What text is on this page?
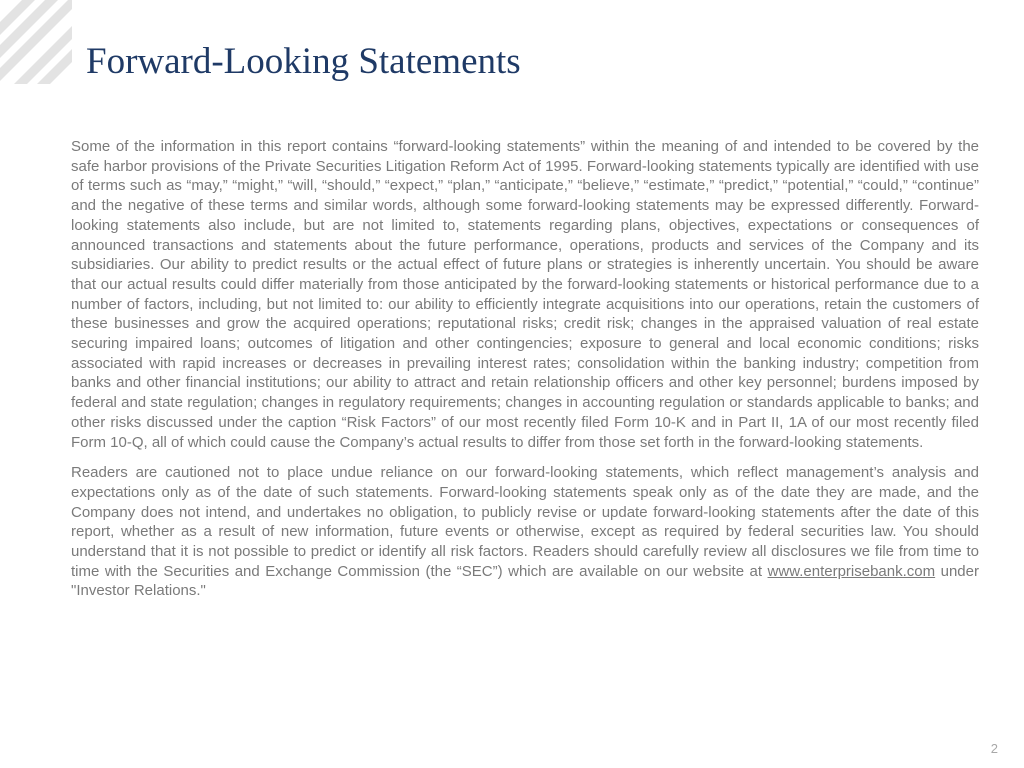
Forward-Looking Statements

Some of the information in this report contains “forward-looking statements” within the meaning of and intended to be covered by the safe harbor provisions of the Private Securities Litigation Reform Act of 1995. Forward-looking statements typically are identified with use of terms such as “may,” “might,” “will, “should,” “expect,” “plan,” “anticipate,” “believe,” “estimate,” “predict,” “potential,” “could,” “continue” and the negative of these terms and similar words, although some forward-looking statements may be expressed differently. Forward-looking statements also include, but are not limited to, statements regarding plans, objectives, expectations or consequences of announced transactions and statements about the future performance, operations, products and services of the Company and its subsidiaries. Our ability to predict results or the actual effect of future plans or strategies is inherently uncertain. You should be aware that our actual results could differ materially from those anticipated by the forward-looking statements or historical performance due to a number of factors, including, but not limited to: our ability to efficiently integrate acquisitions into our operations, retain the customers of these businesses and grow the acquired operations; reputational risks; credit risk; changes in the appraised valuation of real estate securing impaired loans; outcomes of litigation and other contingencies; exposure to general and local economic conditions; risks associated with rapid increases or decreases in prevailing interest rates; consolidation within the banking industry; competition from banks and other financial institutions; our ability to attract and retain relationship officers and other key personnel; burdens imposed by federal and state regulation; changes in regulatory requirements; changes in accounting regulation or standards applicable to banks; and other risks discussed under the caption “Risk Factors” of our most recently filed Form 10-K and in Part II, 1A of our most recently filed Form 10-Q, all of which could cause the Company’s actual results to differ from those set forth in the forward-looking statements.

Readers are cautioned not to place undue reliance on our forward-looking statements, which reflect management’s analysis and expectations only as of the date of such statements. Forward-looking statements speak only as of the date they are made, and the Company does not intend, and undertakes no obligation, to publicly revise or update forward-looking statements after the date of this report, whether as a result of new information, future events or otherwise, except as required by federal securities law. You should understand that it is not possible to predict or identify all risk factors. Readers should carefully review all disclosures we file from time to time with the Securities and Exchange Commission (the “SEC”) which are available on our website at www.enterprisebank.com under "Investor Relations."

2
